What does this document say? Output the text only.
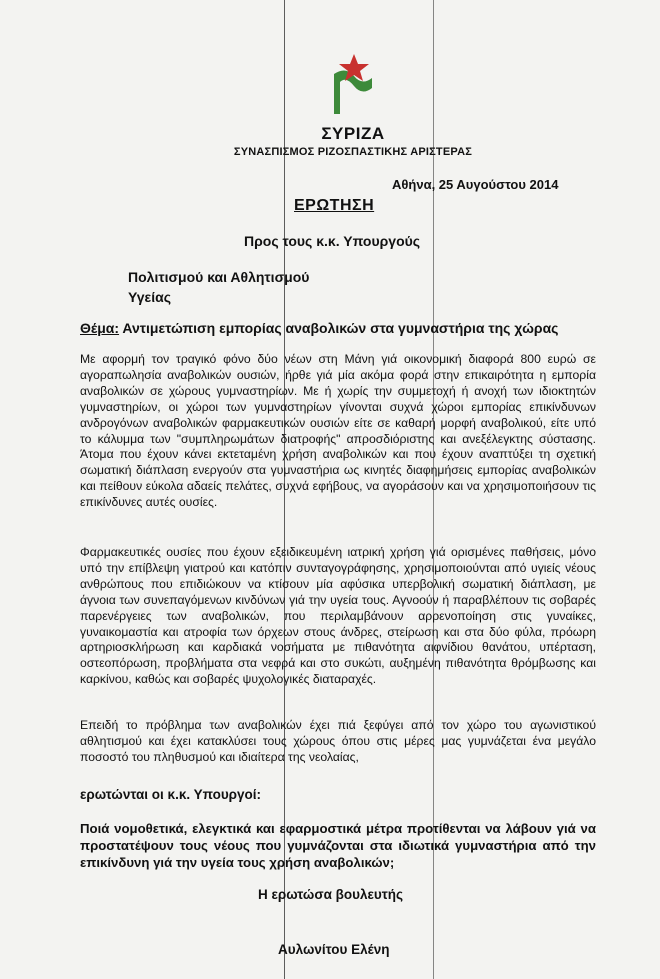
ΣΥΡΙΖΑ
ΣΥΝΑΣΠΙΣΜΟΣ ΡΙΖΟΣΠΑΣΤΙΚΗΣ ΑΡΙΣΤΕΡΑΣ
Αθήνα, 25 Αυγούστου 2014
ΕΡΩΤΗΣΗ
Προς τους κ.κ. Υπουργούς
Πολιτισμού και Αθλητισμού
Υγείας
Θέμα: Αντιμετώπιση εμπορίας αναβολικών στα γυμναστήρια της χώρας
Με αφορμή τον τραγικό φόνο δύο νέων στη Μάνη γιά οικονομική διαφορά 800 ευρώ σε αγοραπωλησία αναβολικών ουσιών, ήρθε γιά μία ακόμα φορά στην επικαιρότητα η εμπορία αναβολικών σε χώρους γυμναστηρίων. Με ή χωρίς την συμμετοχή ή ανοχή των ιδιοκτητών γυμναστηρίων, οι χώροι των γυμναστηρίων γίνονται συχνά χώροι εμπορίας επικίνδυνων ανδρογόνων αναβολικών φαρμακευτικών ουσιών είτε σε καθαρή μορφή αναβολικού, είτε υπό το κάλυμμα των "συμπληρωμάτων διατροφής" απροσδιόριστης και ανεξέλεγκτης σύστασης. Άτομα που έχουν κάνει εκτεταμένη χρήση αναβολικών και που έχουν αναπτύξει τη σχετική σωματική διάπλαση ενεργούν στα γυμναστήρια ως κινητές διαφημήσεις εμπορίας αναβολικών και πείθουν εύκολα αδαείς πελάτες, συχνά εφήβους, να αγοράσουν και να χρησιμοποιήσουν τις επικίνδυνες αυτές ουσίες.
Φαρμακευτικές ουσίες που έχουν εξειδικευμένη ιατρική χρήση γιά ορισμένες παθήσεις, μόνο υπό την επίβλεψη γιατρού και κατόπιν συνταγογράφησης, χρησιμοποιούνται από υγιείς νέους ανθρώπους που επιδιώκουν να κτίσουν μία αφύσικα υπερβολική σωματική διάπλαση, με άγνοια των συνεπαγόμενων κινδύνων γιά την υγεία τους. Αγνοούν ή παραβλέπουν τις σοβαρές παρενέργειες των αναβολικών, που περιλαμβάνουν αρρενοποίηση στις γυναίκες, γυναικομαστία και ατροφία των όρχεων στους άνδρες, στείρωση και στα δύο φύλα, πρόωρη αρτηριοσκλήρωση και καρδιακά νοσήματα με πιθανότητα αιφνίδιου θανάτου, υπέρταση, οστεοπόρωση, προβλήματα στα νεφρά και στο συκώτι, αυξημένη πιθανότητα θρόμβωσης και καρκίνου, καθώς και σοβαρές ψυχολογικές διαταραχές.
Επειδή το πρόβλημα των αναβολικών έχει πιά ξεφύγει από τον χώρο του αγωνιστικού αθλητισμού και έχει κατακλύσει τους χώρους όπου στις μέρες μας γυμνάζεται ένα μεγάλο ποσοστό του πληθυσμού και ιδιαίτερα της νεολαίας,
ερωτώνται οι κ.κ. Υπουργοί:
Ποιά νομοθετικά, ελεγκτικά και εφαρμοστικά μέτρα προτίθενται να λάβουν γιά να προστατέψουν τους νέους που γυμνάζονται στα ιδιωτικά γυμναστήρια από την επικίνδυνη γιά την υγεία τους χρήση αναβολικών;
Η ερωτώσα βουλευτής
Αυλωνίτου Ελένη
